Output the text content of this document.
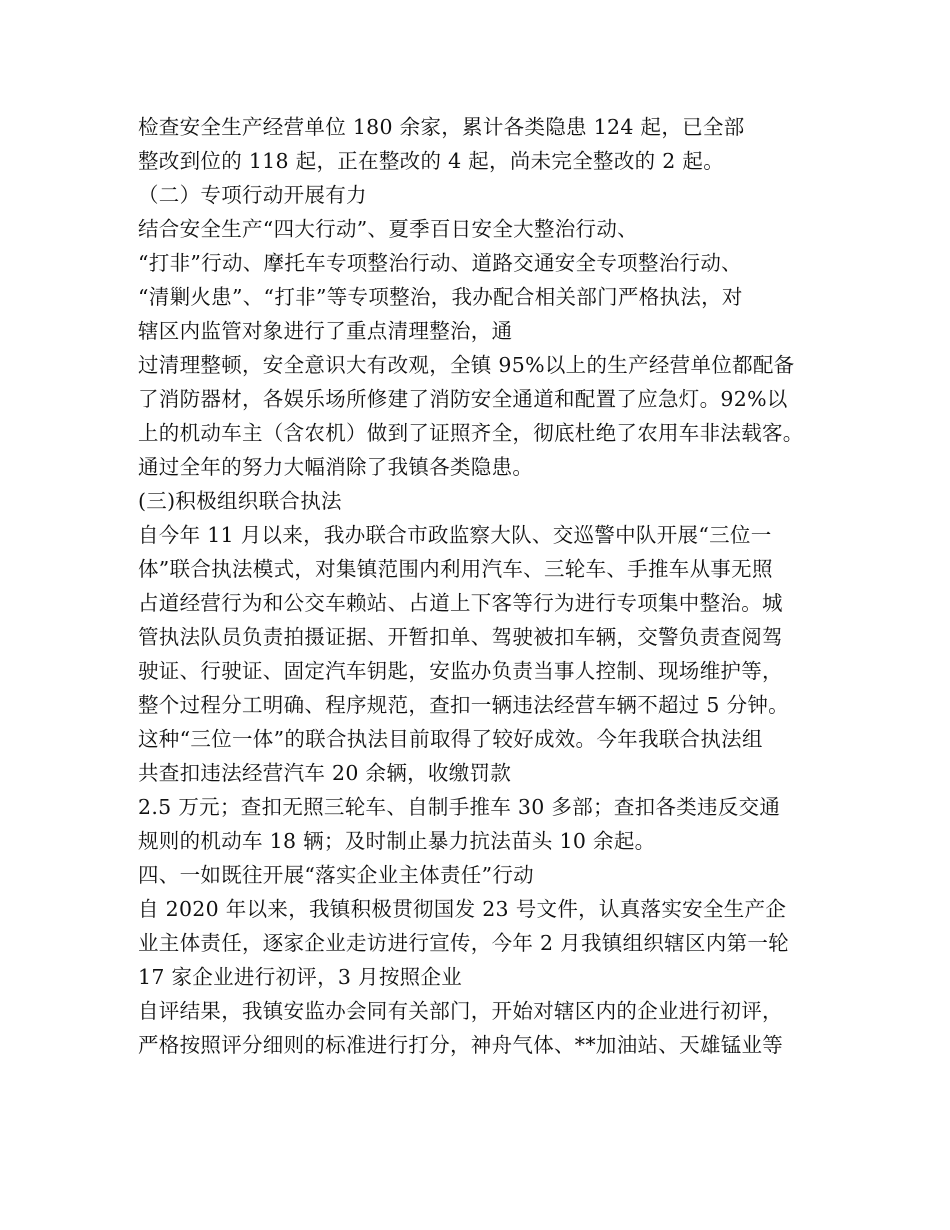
检查安全生产经营单位 180 余家，累计各类隐患 124 起，已全部
整改到位的 118 起，正在整改的 4 起，尚未完全整改的 2 起。
（二）专项行动开展有力
结合安全生产“四大行动”、夏季百日安全大整治行动、
“打非”行动、摩托车专项整治行动、道路交通安全专项整治行动、
“清剿火患”、“打非”等专项整治，我办配合相关部门严格执法，对
辖区内监管对象进行了重点清理整治，通
过清理整顿，安全意识大有改观，全镇 95%以上的生产经营单位都配备
了消防器材，各娱乐场所修建了消防安全通道和配置了应急灯。92%以
上的机动车主（含农机）做到了证照齐全，彻底杜绝了农用车非法载客。
通过全年的努力大幅消除了我镇各类隐患。
(三)积极组织联合执法
自今年 11 月以来，我办联合市政监察大队、交巡警中队开展“三位一
体”联合执法模式，对集镇范围内利用汽车、三轮车、手推车从事无照
占道经营行为和公交车赖站、占道上下客等行为进行专项集中整治。城
管执法队员负责拍摄证据、开暂扣单、驾驶被扣车辆，交警负责查阅驾
驶证、行驶证、固定汽车钥匙，安监办负责当事人控制、现场维护等，
整个过程分工明确、程序规范，查扣一辆违法经营车辆不超过 5 分钟。
这种“三位一体”的联合执法目前取得了较好成效。今年我联合执法组
共查扣违法经营汽车 20 余辆，收缴罚款
2.5 万元；查扣无照三轮车、自制手推车 30 多部；查扣各类违反交通
规则的机动车 18 辆；及时制止暴力抗法苗头 10 余起。
四、一如既往开展“落实企业主体责任”行动
自 2020 年以来，我镇积极贯彻国发 23 号文件，认真落实安全生产企
业主体责任，逐家企业走访进行宣传，今年 2 月我镇组织辖区内第一轮
17 家企业进行初评，3 月按照企业
自评结果，我镇安监办会同有关部门，开始对辖区内的企业进行初评，
严格按照评分细则的标准进行打分，神舟气体、**加油站、天雄锰业等
